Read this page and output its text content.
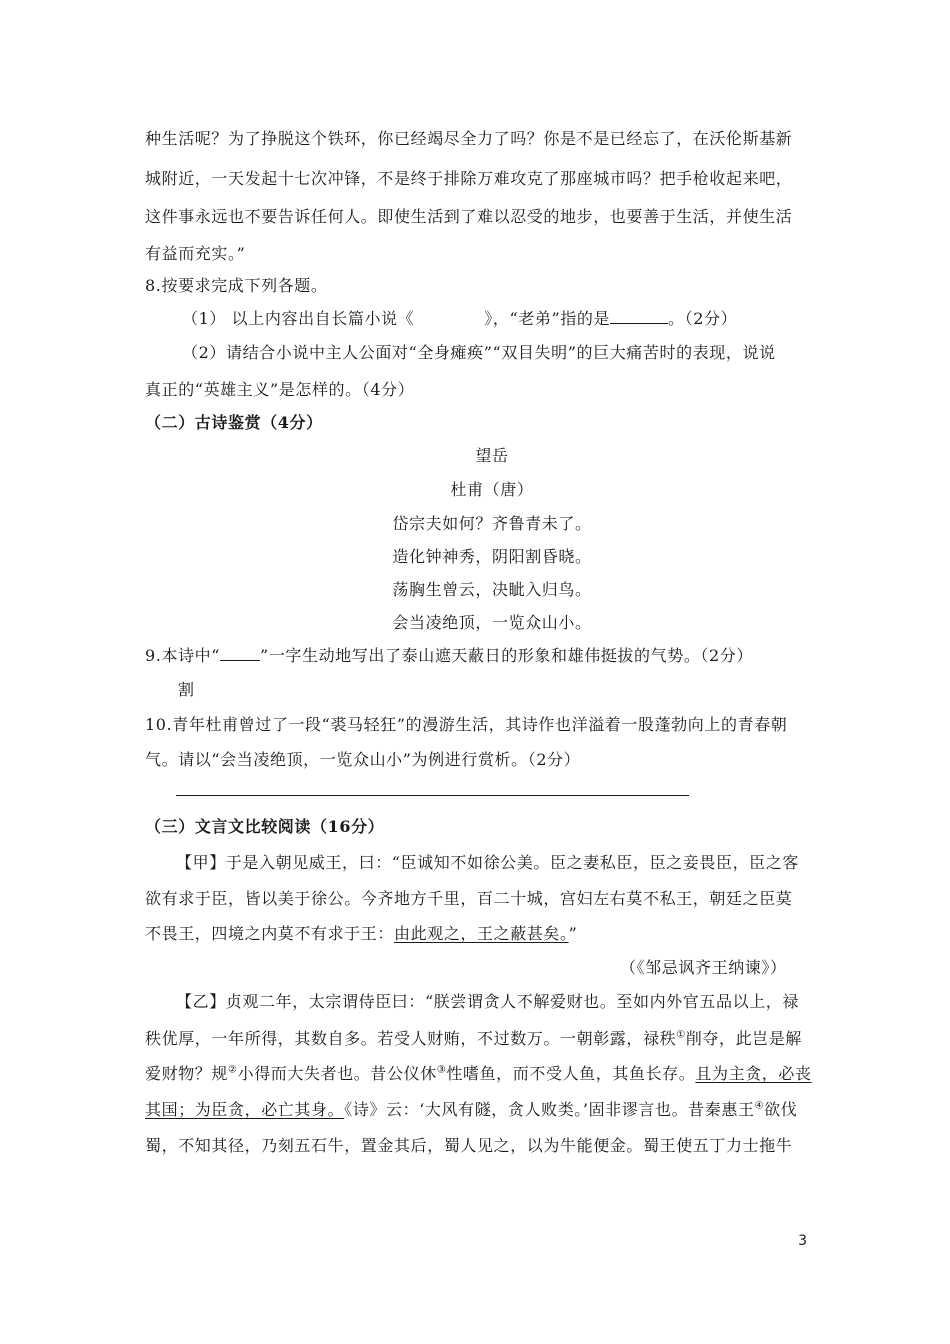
种生活呢？为了挣脱这个铁环，你已经竭尽全力了吗？你是不是已经忘了，在沃伦斯基新
城附近，一天发起十七次冲锋，不是终于排除万难攻克了那座城市吗？把手枪收起来吧，
这件事永远也不要告诉任何人。即使生活到了难以忍受的地步，也要善于生活，并使生活
有益而充实。”
8.按要求完成下列各题。
（1） 以上内容出自长篇小说《	》，“老弟”指的是	。（2分）
（2）请结合小说中主人公面对“全身瘫痪”“双目失明”的巨大痛苦时的表现，说说
真正的“英雄主义”是怎样的。（4分）
（二）古诗鉴赏（4分）
望岳
杜甫（唐）
岱宗夫如何？齐鲁青未了。
造化钟神秀，阴阳割昏晓。
荡胸生曾云，决眦入归鸟。
会当凌绝顶，一览众山小。
9.本诗中“	”一字生动地写出了泰山遮天蔽日的形象和雄伟挺拔的气势。（2分）
割
10.青年杜甫曾过了一段“裘马轻狂”的漫游生活，其诗作也洋溢着一股蓬勃向上的青春朝
气。请以“会当凌绝顶，一览众山小”为例进行赏析。（2分）
（三）文言文比较阅读（16分）
【甲】于是入朝见威王，曰：“臣诚知不如徐公美。臣之妻私臣，臣之妾畏臣，臣之客
欲有求于臣，皆以美于徐公。今齐地方千里，百二十城，宫妇左右莫不私王，朝廷之臣莫
不畏王，四境之内莫不有求于王：由此观之，王之蔽甚矣。”
（《邹忌讽齐王纳谏》）
【乙】贞观二年，太宗谓侍臣曰：“朕尝谓贪人不解爱财也。至如内外官五品以上，禄
秩优厚，一年所得，其数自多。若受人财贿，不过数万。一朝彰露，禄秩①削夺，此岂是解
爱财物？规②小得而大失者也。昔公仪休③性嗜鱼，而不受人鱼，其鱼长存。且为主贪，必丧
其国；为臣贪，必亡其身。《诗》云：‘大风有隧，贪人败类。’固非谬言也。昔秦惠王④欲伐
蜀，不知其径，乃刻五石牛，置金其后，蜀人见之，以为牛能便金。蜀王使五丁力士拖牛
3
